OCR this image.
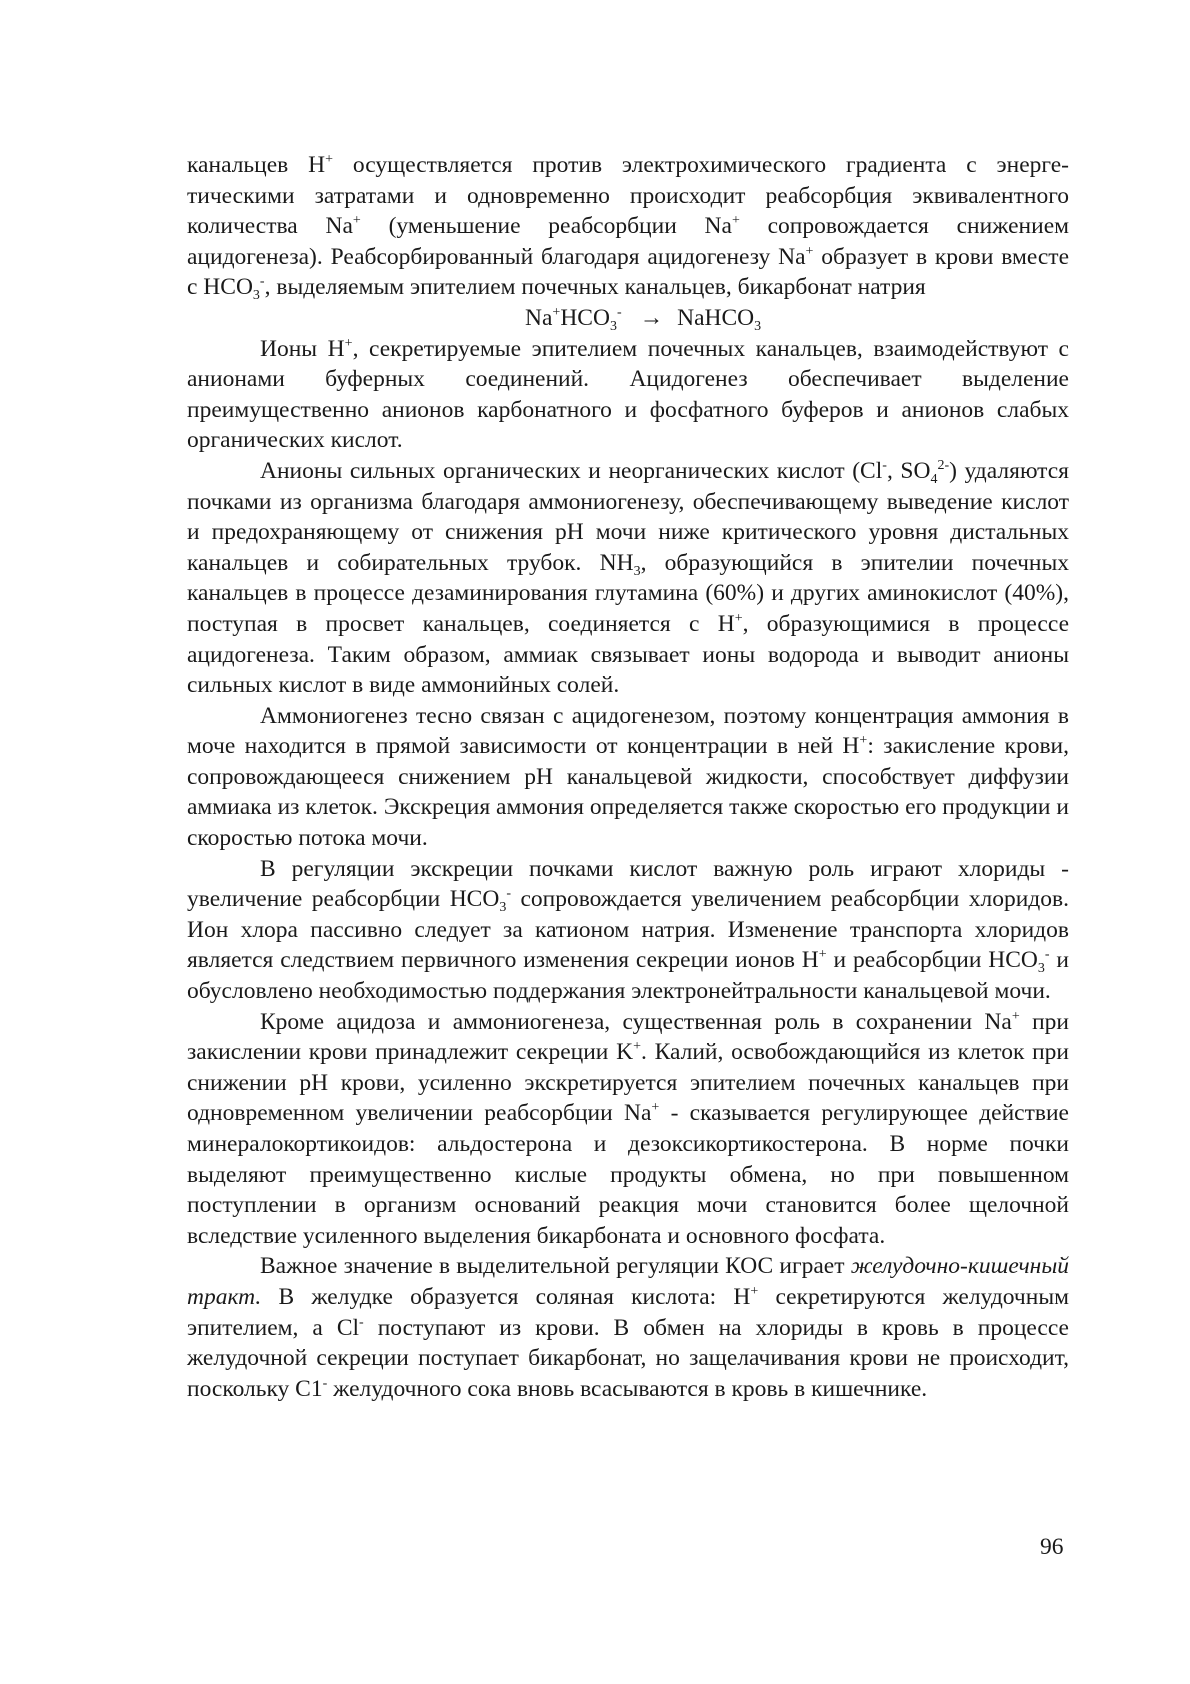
канальцев H+ осуществляется против электрохимического градиента с энергетическими затратами и одновременно происходит реабсорбция эквивалентного количества Na+ (уменьшение реабсорбции Na+ сопровождается снижением ацидогенеза). Реабсорбированный благодаря ацидогенезу Na+ образует в крови вместе с $HCO_3^-$, выделяемым эпителием почечных канальцев, бикарбонат натрия

$Na^+HCO_3^-$ → NaHCO$_3$

Ионы H+, секретируемые эпителием почечных канальцев, взаимодействуют с анионами буферных соединений. Ацидогенез обеспечивает выделение преимущественно анионов карбонатного и фосфатного буферов и анионов слабых органических кислот.

Анионы сильных органических и неорганических кислот (Cl-, $SO_4^{2-}$) удаляются почками из организма благодаря аммониогенезу, обеспечивающему выведение кислот и предохраняющему от снижения pH мочи ниже критического уровня дистальных канальцев и собирательных трубок. $NH_3$, образующийся в эпителии почечных канальцев в процессе дезаминирования глутамина (60%) и других аминокислот (40%), поступая в просвет канальцев, соединяется с H+, образующимися в процессе ацидогенеза. Таким образом, аммиак связывает ионы водорода и выводит анионы сильных кислот в виде аммонийных солей.

Аммониогенез тесно связан с ацидогенезом, поэтому концентрация аммония в моче находится в прямой зависимости от концентрации в ней H+: закисление крови, сопровождающееся снижением pH канальцевой жидкости, способствует диффузии аммиака из клеток. Экскреция аммония определяется также скоростью его продукции и скоростью потока мочи.

В регуляции экскреции почками кислот важную роль играют хлориды - увеличение реабсорбции $HCO_3^-$ сопровождается увеличением реабсорбции хлоридов. Ион хлора пассивно следует за катионом натрия. Изменение транспорта хлоридов является следствием первичного изменения секреции ионов H+ и реабсорбции $HCO_3^-$ и обусловлено необходимостью поддержания электронейтральности канальцевой мочи.

Кроме ацидоза и аммониогенеза, существенная роль в сохранении Na+ при закислении крови принадлежит секреции K+. Калий, освобождающийся из клеток при снижении pH крови, усиленно экскретируется эпителием почечных канальцев при одновременном увеличении реабсорбции Na+ - сказывается регулирующее действие минералокортикоидов: альдостерона и дезоксикортикостерона. В норме почки выделяют преимущественно кислые продукты обмена, но при повышенном поступлении в организм оснований реакция мочи становится более щелочной вследствие усиленного выделения бикарбоната и основного фосфата.

Важное значение в выделительной регуляции КОС играет желудочно-кишечный тракт. В желудке образуется соляная кислота: H+ секретируются желудочным эпителием, а Cl- поступают из крови. В обмен на хлориды в кровь в процессе желудочной секреции поступает бикарбонат, но защелачивания крови не происходит, поскольку C1- желудочного сока вновь всасываются в кровь в кишечнике.

96
